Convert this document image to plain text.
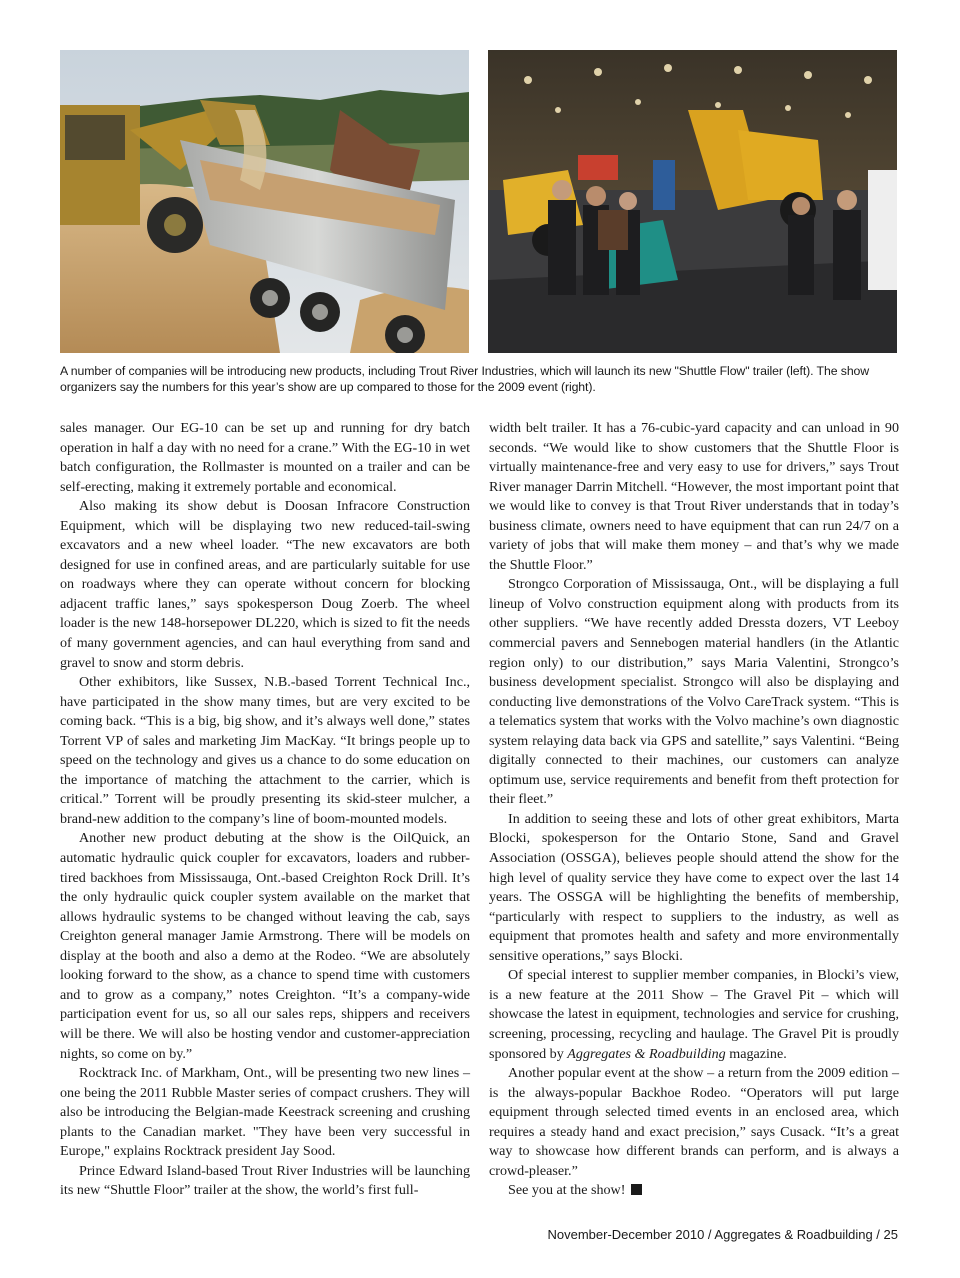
A number of companies will be introducing new products, including Trout River Industries, which will launch its new "Shuttle Flow" trailer (left). The show organizers say the numbers for this year’s show are up compared to those for the 2009 event (right).

sales manager. Our EG-10 can be set up and running for dry batch operation in half a day with no need for a crane.” With the EG-10 in wet batch configuration, the Rollmaster is mounted on a trailer and can be self-erecting, making it extremely portable and economical.

Also making its show debut is Doosan Infracore Construction Equipment, which will be displaying two new reduced-tail-swing excavators and a new wheel loader. “The new excavators are both designed for use in confined areas, and are particularly suitable for use on roadways where they can operate without concern for blocking adjacent traffic lanes,” says spokesperson Doug Zoerb. The wheel loader is the new 148-horsepower DL220, which is sized to fit the needs of many government agencies, and can haul everything from sand and gravel to snow and storm debris.

Other exhibitors, like Sussex, N.B.-based Torrent Technical Inc., have participated in the show many times, but are very excited to be coming back. “This is a big, big show, and it’s always well done,” states Torrent VP of sales and marketing Jim MacKay. “It brings people up to speed on the technology and gives us a chance to do some education on the importance of matching the attachment to the carrier, which is critical.” Torrent will be proudly presenting its skid-steer mulcher, a brand-new addition to the company’s line of boom-mounted models.

Another new product debuting at the show is the OilQuick, an automatic hydraulic quick coupler for excavators, loaders and rubber-tired backhoes from Mississauga, Ont.-based Creighton Rock Drill. It’s the only hydraulic quick coupler system available on the market that allows hydraulic systems to be changed without leaving the cab, says Creighton general manager Jamie Armstrong. There will be models on display at the booth and also a demo at the Rodeo. “We are absolutely looking forward to the show, as a chance to spend time with customers and to grow as a company,” notes Creighton. “It’s a company-wide participation event for us, so all our sales reps, shippers and receivers will be there. We will also be hosting vendor and customer-appreciation nights, so come on by.”

Rocktrack Inc. of Markham, Ont., will be presenting two new lines – one being the 2011 Rubble Master series of compact crushers. They will also be introducing the Belgian-made Keestrack screening and crushing plants to the Canadian market. "They have been very successful in Europe," explains Rocktrack president Jay Sood.

Prince Edward Island-based Trout River Industries will be launching its new “Shuttle Floor” trailer at the show, the world’s first full-

width belt trailer. It has a 76-cubic-yard capacity and can unload in 90 seconds. “We would like to show customers that the Shuttle Floor is virtually maintenance-free and very easy to use for drivers,” says Trout River manager Darrin Mitchell. “However, the most important point that we would like to convey is that Trout River understands that in today’s business climate, owners need to have equipment that can run 24/7 on a variety of jobs that will make them money – and that’s why we made the Shuttle Floor.”

Strongco Corporation of Mississauga, Ont., will be displaying a full lineup of Volvo construction equipment along with products from its other suppliers. “We have recently added Dressta dozers, VT Leeboy commercial pavers and Sennebogen material handlers (in the Atlantic region only) to our distribution,” says Maria Valentini, Strongco’s business development specialist. Strongco will also be displaying and conducting live demonstrations of the Volvo CareTrack system. “This is a telematics system that works with the Volvo machine’s own diagnostic system relaying data back via GPS and satellite,” says Valentini. “Being digitally connected to their machines, our customers can analyze optimum use, service requirements and benefit from theft protection for their fleet.”

In addition to seeing these and lots of other great exhibitors, Marta Blocki, spokesperson for the Ontario Stone, Sand and Gravel Association (OSSGA), believes people should attend the show for the high level of quality service they have come to expect over the last 14 years. The OSSGA will be highlighting the benefits of membership, “particularly with respect to suppliers to the industry, as well as equipment that promotes health and safety and more environmentally sensitive operations,” says Blocki.

Of special interest to supplier member companies, in Blocki’s view, is a new feature at the 2011 Show – The Gravel Pit – which will showcase the latest in equipment, technologies and service for crushing, screening, processing, recycling and haulage. The Gravel Pit is proudly sponsored by Aggregates & Roadbuilding magazine.

Another popular event at the show – a return from the 2009 edition – is the always-popular Backhoe Rodeo. “Operators will put large equipment through selected timed events in an enclosed area, which requires a steady hand and exact precision,” says Cusack. “It’s a great way to showcase how different brands can perform, and is always a crowd-pleaser.”

See you at the show!

November-December 2010 / Aggregates & Roadbuilding / 25
